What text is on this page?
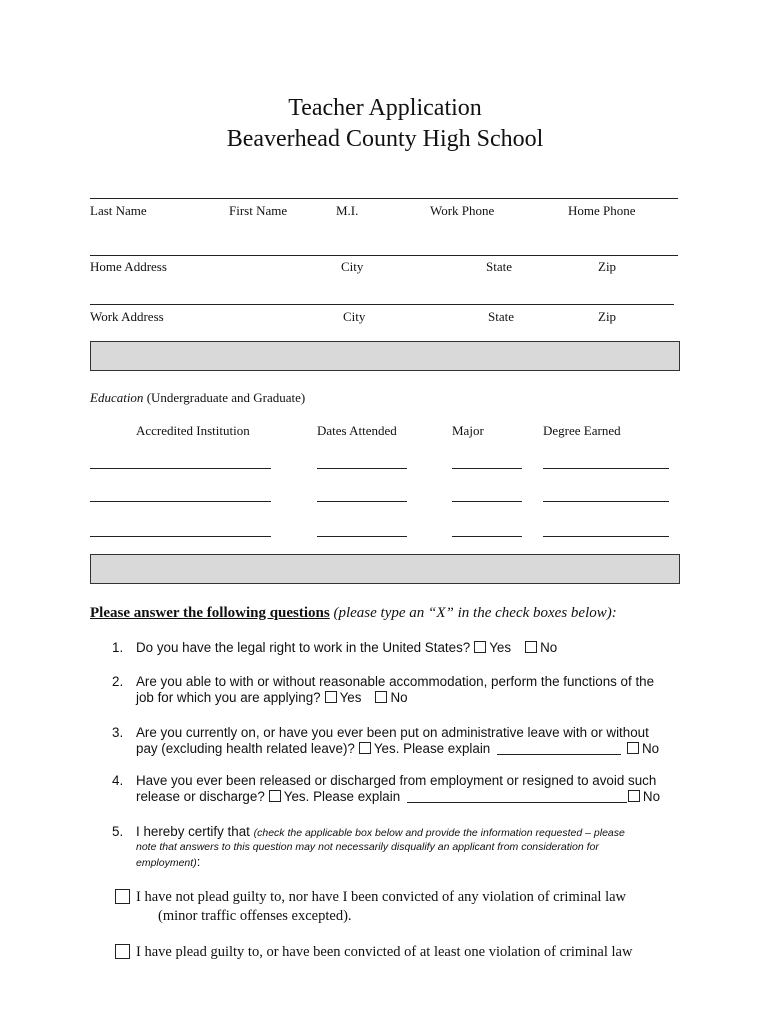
Teacher Application
Beaverhead County High School
Last Name	First Name	M.I.	Work Phone	Home Phone
Home Address	City	State	Zip
Work Address	City	State	Zip
Education (Undergraduate and Graduate)
Accredited Institution	Dates Attended	Major	Degree Earned
Please answer the following questions (please type an “X” in the check boxes below):
1. Do you have the legal right to work in the United States? Yes No
2. Are you able to with or without reasonable accommodation, perform the functions of the
job for which you are applying? Yes No
3. Are you currently on, or have you ever been put on administrative leave with or without
pay (excluding health related leave)? Yes. Please explain	No
4. Have you ever been released or discharged from employment or resigned to avoid such
release or discharge? Yes. Please explain	No
5. I hereby certify that (check the applicable box below and provide the information requested – please
note that answers to this question may not necessarily disqualify an applicant from consideration for
employment):
I have not plead guilty to, nor have I been convicted of any violation of criminal law
(minor traffic offenses excepted).
I have plead guilty to, or have been convicted of at least one violation of criminal law
